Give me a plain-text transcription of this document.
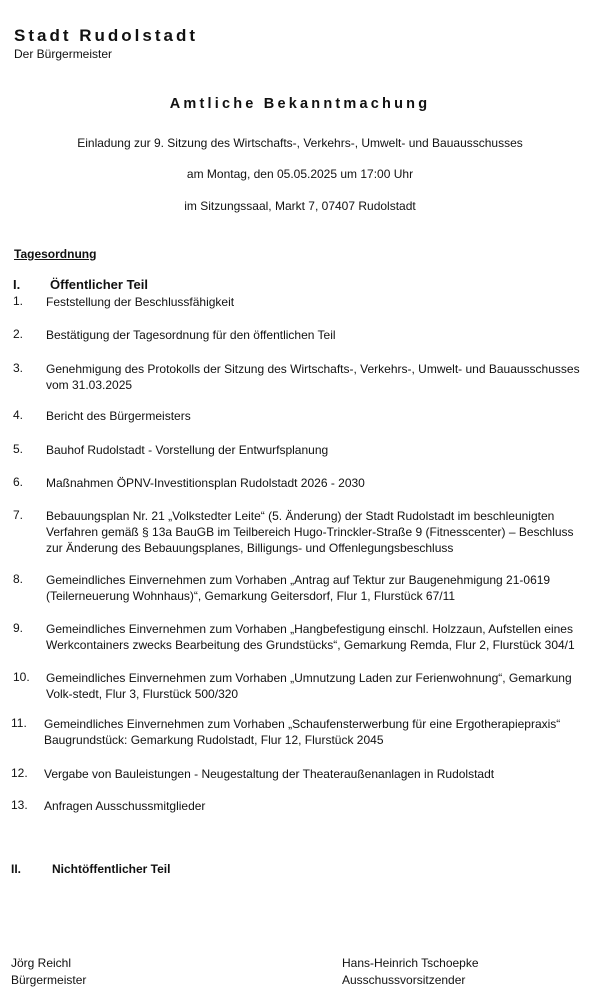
Stadt Rudolstadt
Der Bürgermeister
Amtliche Bekanntmachung
Einladung zur 9. Sitzung des Wirtschafts-, Verkehrs-, Umwelt- und Bauausschusses
am Montag, den 05.05.2025 um 17:00 Uhr
im Sitzungssaal, Markt 7, 07407 Rudolstadt
Tagesordnung
I. Öffentlicher Teil
1. Feststellung der Beschlussfähigkeit
2. Bestätigung der Tagesordnung für den öffentlichen Teil
3. Genehmigung des Protokolls der Sitzung des Wirtschafts-, Verkehrs-, Umwelt- und Bauausschusses vom 31.03.2025
4. Bericht des Bürgermeisters
5. Bauhof Rudolstadt - Vorstellung der Entwurfsplanung
6. Maßnahmen ÖPNV-Investitionsplan Rudolstadt 2026 - 2030
7. Bebauungsplan Nr. 21 „Volkstedter Leite“ (5. Änderung) der Stadt Rudolstadt im beschleunigten Verfahren gemäß § 13a BauGB im Teilbereich Hugo-Trinckler-Straße 9 (Fitnesscenter) – Beschluss zur Änderung des Bebauungsplanes, Billigungs- und Offenlegungsbeschluss
8. Gemeindliches Einvernehmen zum Vorhaben „Antrag auf Tektur zur Baugenehmigung 21-0619 (Teilerneuerung Wohnhaus)“, Gemarkung Geitersdorf, Flur 1, Flurstück 67/11
9. Gemeindliches Einvernehmen zum Vorhaben „Hangbefestigung einschl. Holzzaun, Aufstellen eines Werkcontainers zwecks Bearbeitung des Grundstücks“, Gemarkung Remda, Flur 2, Flurstück 304/1
10. Gemeindliches Einvernehmen zum Vorhaben „Umnutzung Laden zur Ferienwohnung“, Gemarkung Volk-stedt, Flur 3, Flurstück 500/320
11. Gemeindliches Einvernehmen zum Vorhaben „Schaufensterwerbung für eine Ergotherapiepraxis“ Baugrundstück: Gemarkung Rudolstadt, Flur 12, Flurstück 2045
12. Vergabe von Bauleistungen - Neugestaltung der Theateraußenanlagen in Rudolstadt
13. Anfragen Ausschussmitglieder
II.	Nichtöffentlicher Teil
Jörg Reichl
Bürgermeister
Hans-Heinrich Tschoepke
Ausschussvorsitzender
